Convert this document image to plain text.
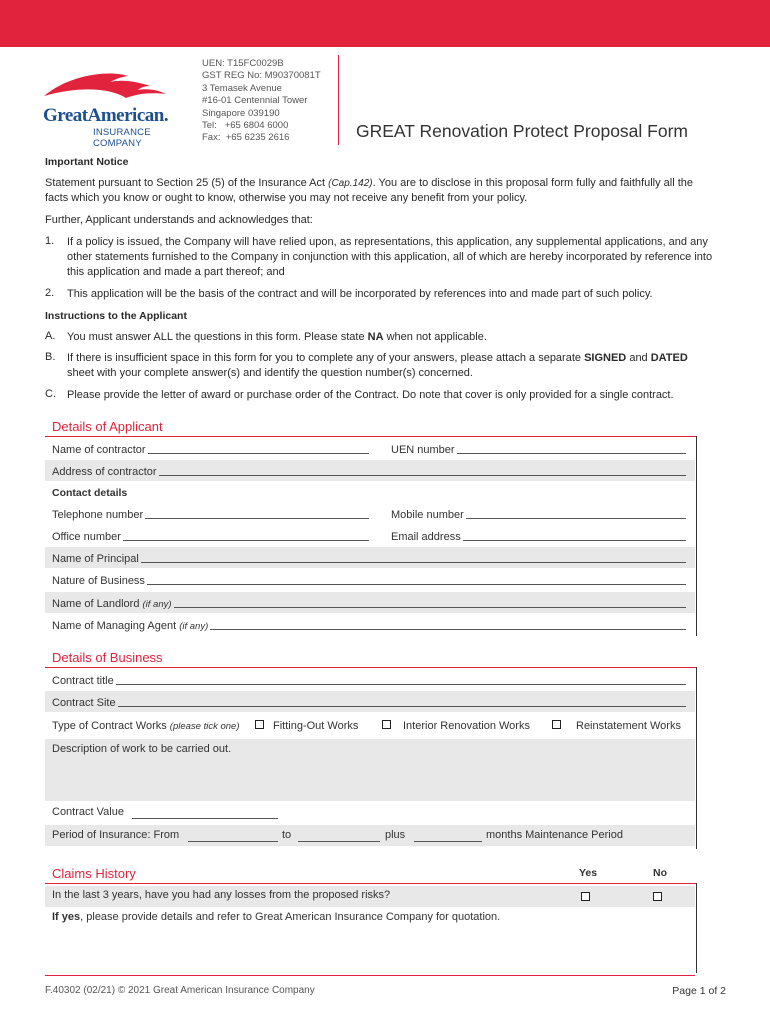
GreatAmerican.
INSURANCE COMPANY
UEN: T15FC0029B
GST REG No: M90370081T
3 Temasek Avenue
#16-01 Centennial Tower
Singapore 039190
Tel:   +65 6804 6000
Fax:  +65 6235 2616	GREAT Renovation Protect Proposal Form
Important Notice
Statement pursuant to Section 25 (5) of the Insurance Act (Cap.142). You are to disclose in this proposal form fully and faithfully all the
facts which you know or ought to know, otherwise you may not receive any benefit from your policy.
Further, Applicant understands and acknowledges that:
1. If a policy is issued, the Company will have relied upon, as representations, this application, any supplemental applications, and any other statements furnished to the Company in conjunction with this application, all of which are hereby incorporated by reference into this application and made a part thereof; and
2. This application will be the basis of the contract and will be incorporated by references into and made part of such policy.
Instructions to the Applicant
A. You must answer ALL the questions in this form. Please state NA when not applicable.
B. If there is insufficient space in this form for you to complete any of your answers, please attach a separate SIGNED and DATED
sheet with your complete answer(s) and identify the question number(s) concerned.
C. Please provide the letter of award or purchase order of the Contract. Do note that cover is only provided for a single contract.
Details of Applicant
Name of contractor	UEN number
Address of contractor
Contact details
Telephone number	Mobile number
Office number	Email address
Name of Principal
Nature of Business
Name of Landlord (if any)
Name of Managing Agent (if any)
Details of Business
Contract title
Contract Site
Type of Contract Works (please tick one)	Fitting-Out Works	Interior Renovation Works	Reinstatement Works
Description of work to be carried out.
Contract Value
Period of Insurance: From	to	plus	months Maintenance Period
Claims History	Yes	No
In the last 3 years, have you had any losses from the proposed risks?
If yes, please provide details and refer to Great American Insurance Company for quotation.
F.40302 (02/21) © 2021 Great American Insurance Company	Page 1 of 2
